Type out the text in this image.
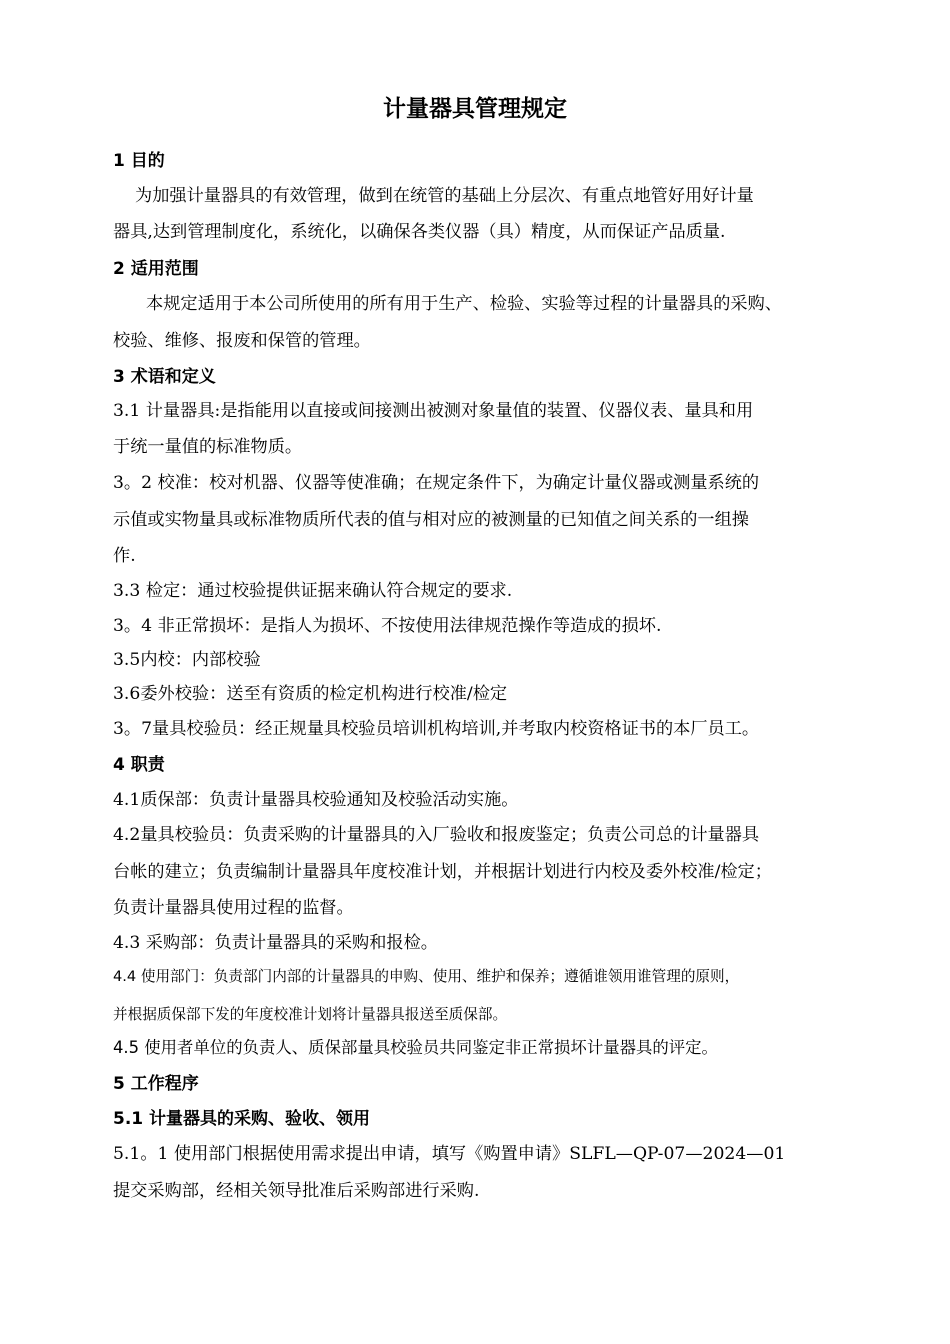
计量器具管理规定

1 目的

为加强计量器具的有效管理，做到在统管的基础上分层次、有重点地管好用好计量

器具,达到管理制度化，系统化，以确保各类仪器（具）精度，从而保证产品质量.

2 适用范围

本规定适用于本公司所使用的所有用于生产、检验、实验等过程的计量器具的采购、

校验、维修、报废和保管的管理。

3 术语和定义

3.1 计量器具:是指能用以直接或间接测出被测对象量值的装置、仪器仪表、量具和用

于统一量值的标准物质。

3。2 校准：校对机器、仪器等使准确；在规定条件下，为确定计量仪器或测量系统的

示值或实物量具或标准物质所代表的值与相对应的被测量的已知值之间关系的一组操

作.

3.3 检定：通过校验提供证据来确认符合规定的要求.

3。4 非正常损坏：是指人为损坏、不按使用法律规范操作等造成的损坏.

3.5内校：内部校验

3.6委外校验：送至有资质的检定机构进行校准/检定

3。7量具校验员：经正规量具校验员培训机构培训,并考取内校资格证书的本厂员工。

4 职责

4.1质保部：负责计量器具校验通知及校验活动实施。

4.2量具校验员：负责采购的计量器具的入厂验收和报废鉴定；负责公司总的计量器具

台帐的建立；负责编制计量器具年度校准计划，并根据计划进行内校及委外校准/检定；

负责计量器具使用过程的监督。

4.3 采购部：负责计量器具的采购和报检。

4.4 使用部门：负责部门内部的计量器具的申购、使用、维护和保养；遵循谁领用谁管理的原则，

并根据质保部下发的年度校准计划将计量器具报送至质保部。

4.5 使用者单位的负责人、质保部量具校验员共同鉴定非正常损坏计量器具的评定。

5 工作程序

5.1 计量器具的采购、验收、领用

5.1。1 使用部门根据使用需求提出申请，填写《购置申请》SLFL—QP-07—2024—01

提交采购部，经相关领导批准后采购部进行采购.
